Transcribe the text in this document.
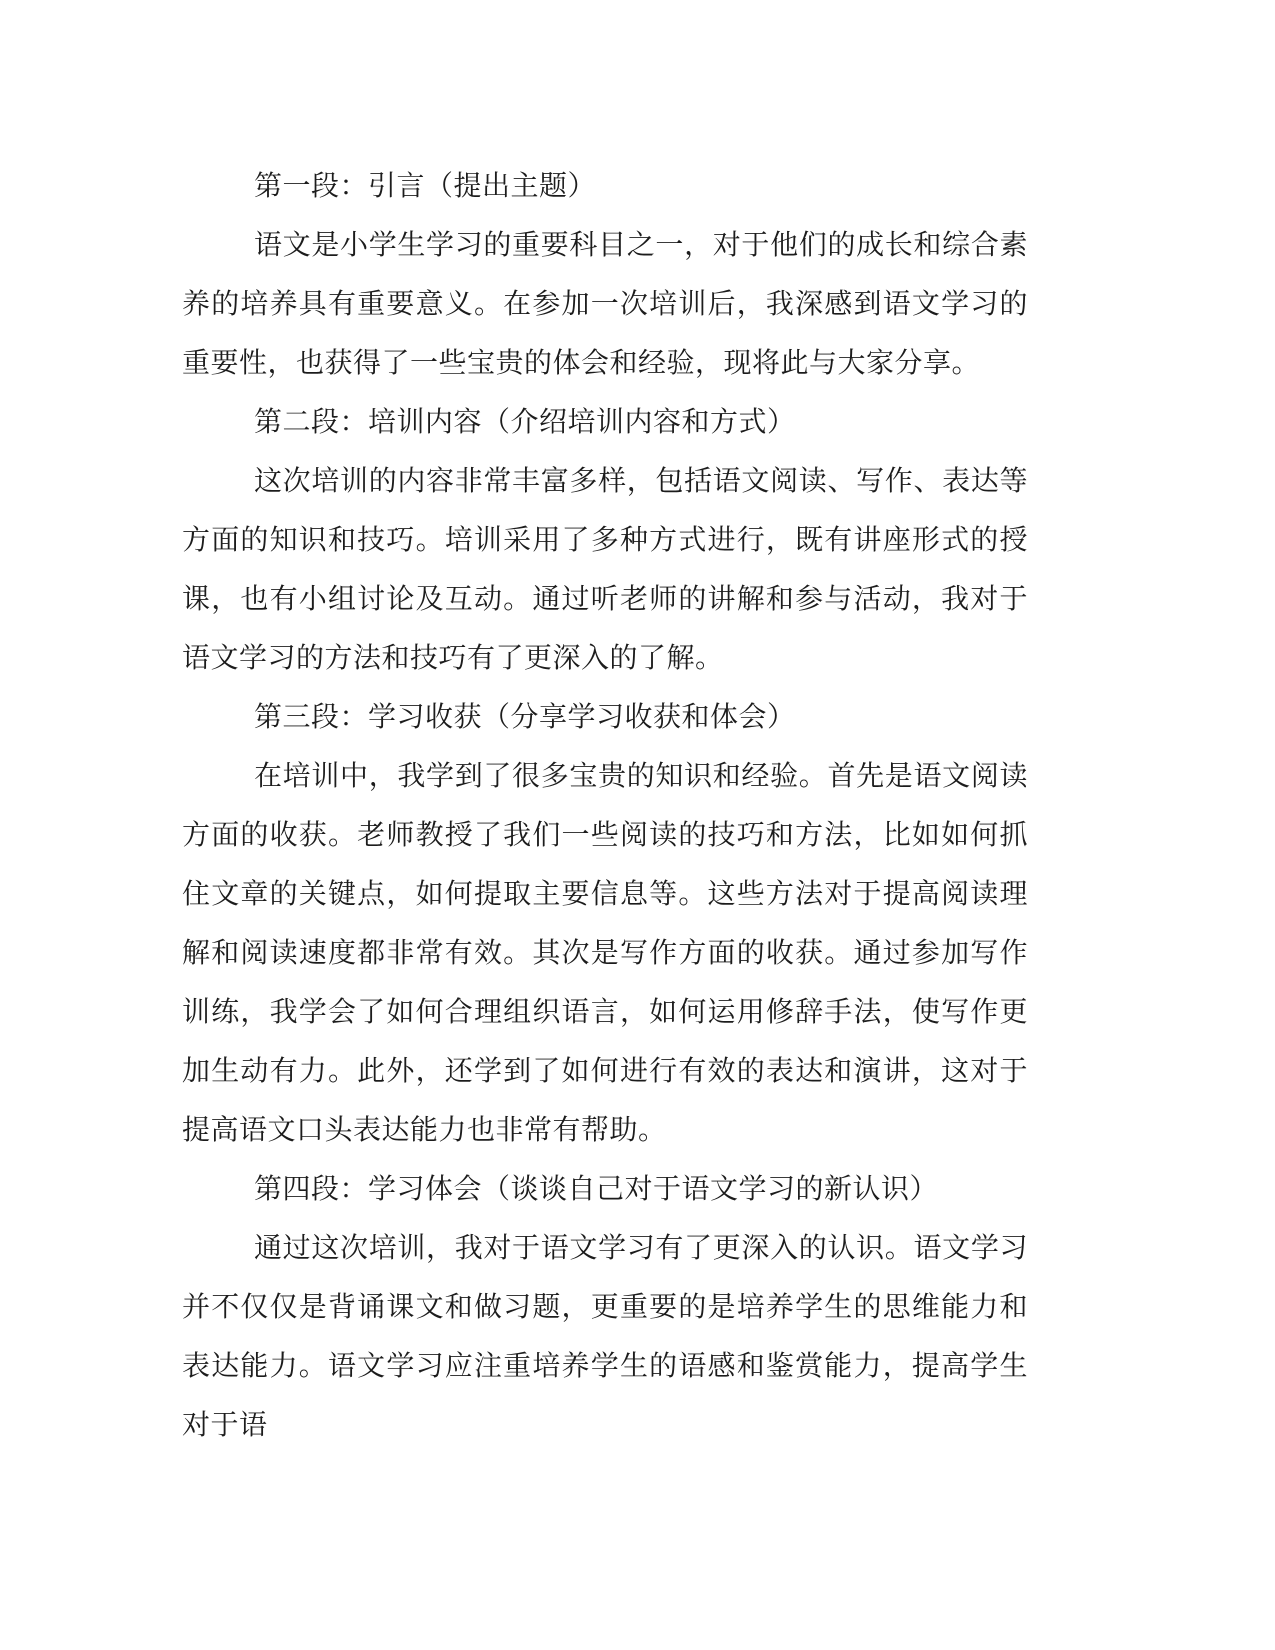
第一段：引言（提出主题）

语文是小学生学习的重要科目之一，对于他们的成长和综合素养的培养具有重要意义。在参加一次培训后，我深感到语文学习的重要性，也获得了一些宝贵的体会和经验，现将此与大家分享。

第二段：培训内容（介绍培训内容和方式）

这次培训的内容非常丰富多样，包括语文阅读、写作、表达等方面的知识和技巧。培训采用了多种方式进行，既有讲座形式的授课，也有小组讨论及互动。通过听老师的讲解和参与活动，我对于语文学习的方法和技巧有了更深入的了解。

第三段：学习收获（分享学习收获和体会）

在培训中，我学到了很多宝贵的知识和经验。首先是语文阅读方面的收获。老师教授了我们一些阅读的技巧和方法，比如如何抓住文章的关键点，如何提取主要信息等。这些方法对于提高阅读理解和阅读速度都非常有效。其次是写作方面的收获。通过参加写作训练，我学会了如何合理组织语言，如何运用修辞手法，使写作更加生动有力。此外，还学到了如何进行有效的表达和演讲，这对于提高语文口头表达能力也非常有帮助。

第四段：学习体会（谈谈自己对于语文学习的新认识）

通过这次培训，我对于语文学习有了更深入的认识。语文学习并不仅仅是背诵课文和做习题，更重要的是培养学生的思维能力和表达能力。语文学习应注重培养学生的语感和鉴赏能力，提高学生对于语
